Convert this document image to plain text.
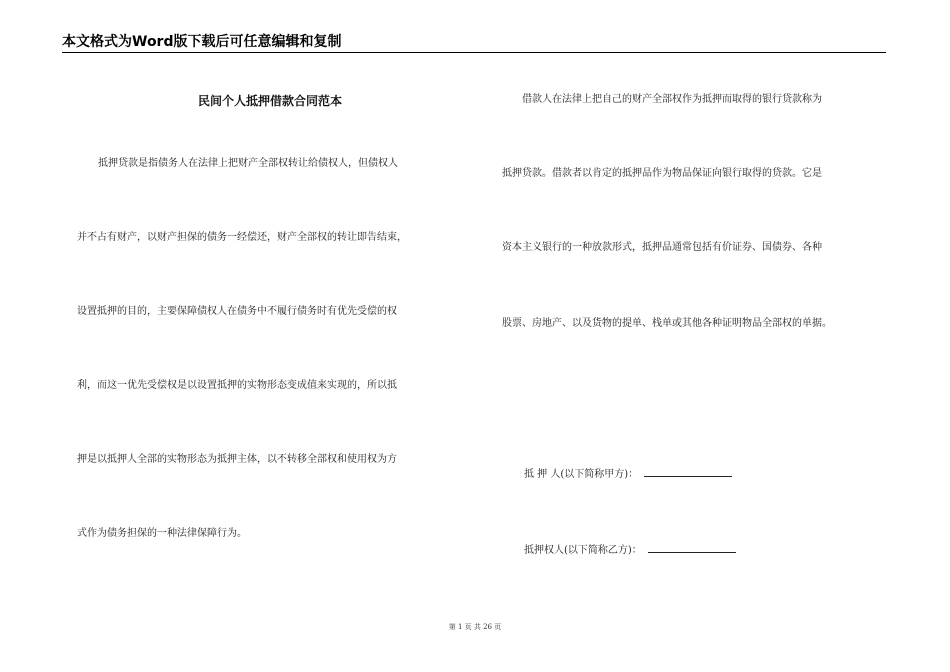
本文格式为Word版下载后可任意编辑和复制
民间个人抵押借款合同范本
抵押贷款是指债务人在法律上把财产全部权转让给债权人，但债权人
并不占有财产，以财产担保的债务一经偿还，财产全部权的转让即告结束，
设置抵押的目的，主要保障债权人在债务中不履行债务时有优先受偿的权
利，而这一优先受偿权是以设置抵押的实物形态变成值来实现的，所以抵
押是以抵押人全部的实物形态为抵押主体，以不转移全部权和使用权为方
式作为债务担保的一种法律保障行为。
借款人在法律上把自己的财产全部权作为抵押而取得的银行贷款称为
抵押贷款。借款者以肯定的抵押品作为物品保证向银行取得的贷款。它是
资本主义银行的一种放款形式，抵押品通常包括有价证券、国债券、各种
股票、房地产、以及货物的提单、栈单或其他各种证明物品全部权的单据。
抵 押 人(以下简称甲方)：
抵押权人(以下简称乙方)：
第 1 页 共 26 页
